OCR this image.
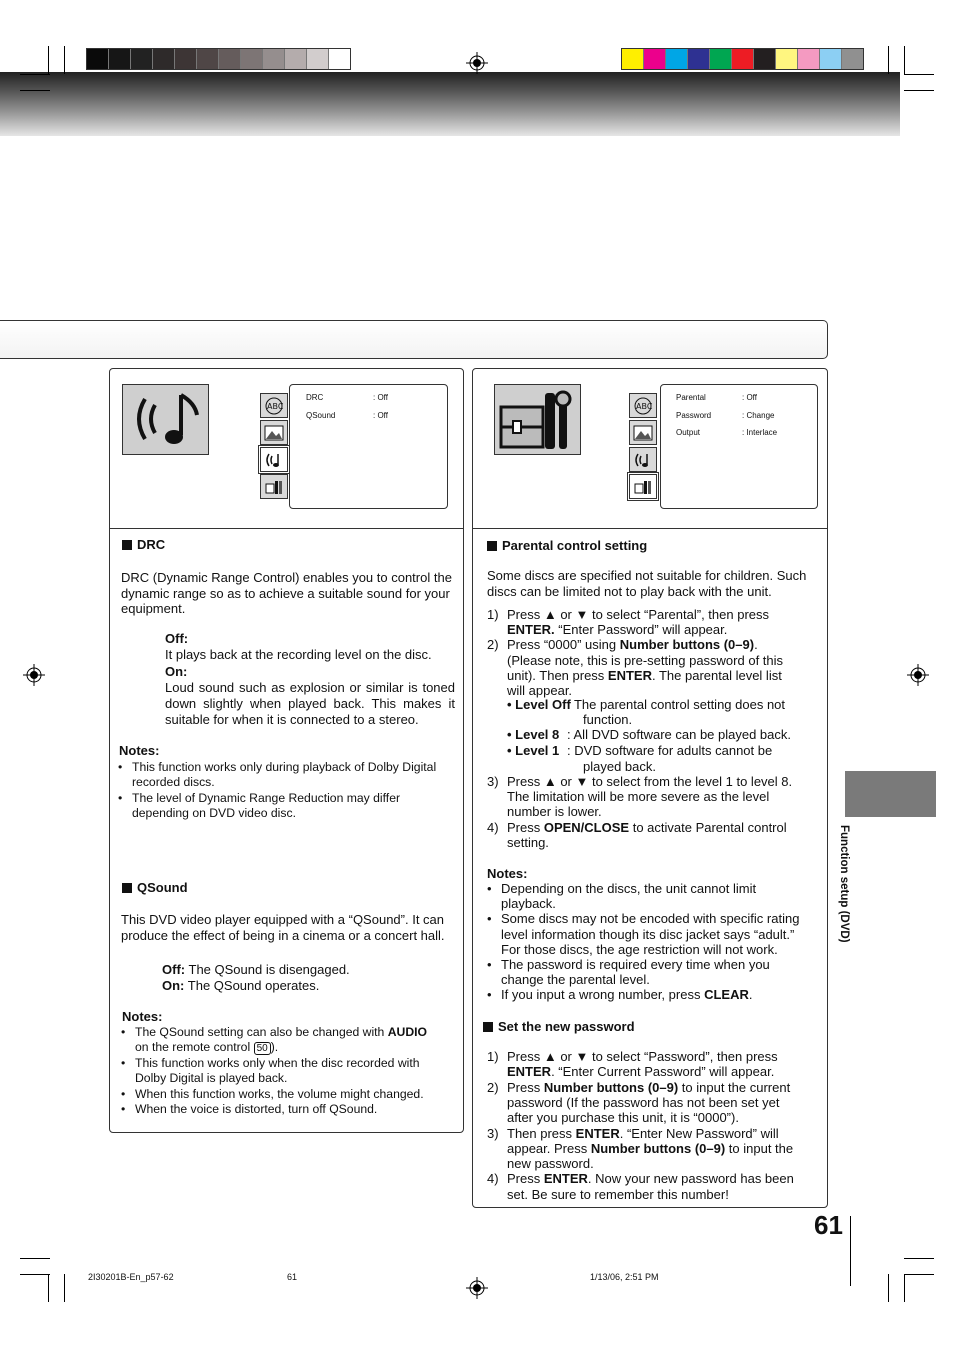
ABC
DRC	: Off
QSound	: Off
DRC
DRC (Dynamic Range Control) enables you to control the dynamic range so as to achieve a suitable sound for your equipment.
Off:
It plays back at the recording level on the disc.
On:
Loud sound such as explosion or similar is toned down slightly when played back. This makes it suitable for when it is connected to a stereo.
Notes:
• This function works only during playback of Dolby Digital recorded discs.
• The level of Dynamic Range Reduction may differ depending on DVD video disc.
QSound
This DVD video player equipped with a “QSound”. It can produce the effect of being in a cinema or a concert hall.
Off: The QSound is disengaged.
On: The QSound operates.
Notes:
• The QSound setting can also be changed with AUDIO
on the remote control 50 ).
• This function works only when the disc recorded with Dolby Digital is played back.
• When this function works, the volume might changed.
• When the voice is distorted, turn off QSound.
ABC
Parental	: Off
Password	: Change
Output	: Interlace
Parental control setting
Some discs are specified not suitable for children. Such discs can be limited not to play back with the unit.
1) Press ▲ or ▼ to select “Parental”, then press
ENTER. “Enter Password” will appear.
2) Press “0000” using Number buttons (0–9).
(Please note, this is pre-setting password of this
unit). Then press ENTER. The parental level list
will appear.
• Level Off
: The parental control setting does not
function.
• Level 8 : All DVD software can be played back.
• Level 1 : DVD software for adults cannot be
played back.
3) Press ▲ or ▼ to select from the level 1 to level 8.
The limitation will be more severe as the level
number is lower.
4) Press OPEN/CLOSE to activate Parental control
setting.
Notes:
• Depending on the discs, the unit cannot limit
playback.
• Some discs may not be encoded with specific rating
level information though its disc jacket says “adult.”
For those discs, the age restriction will not work.
• The password is required every time when you
change the parental level.
• If you input a wrong number, press CLEAR.
Set the new password
1) Press ▲ or ▼ to select “Password”, then press
ENTER. “Enter Current Password” will appear.
2) Press Number buttons (0–9) to input the current
password (If the password has not been set yet
after you purchase this unit, it is “0000”).
3) Then press ENTER. “Enter New Password” will
appear. Press Number buttons (0–9) to input the
new password.
4) Press ENTER. Now your new password has been
set. Be sure to remember this number!
Function setup (DVD)
61
2I30201B-En_p57-62	61	1/13/06, 2:51 PM
